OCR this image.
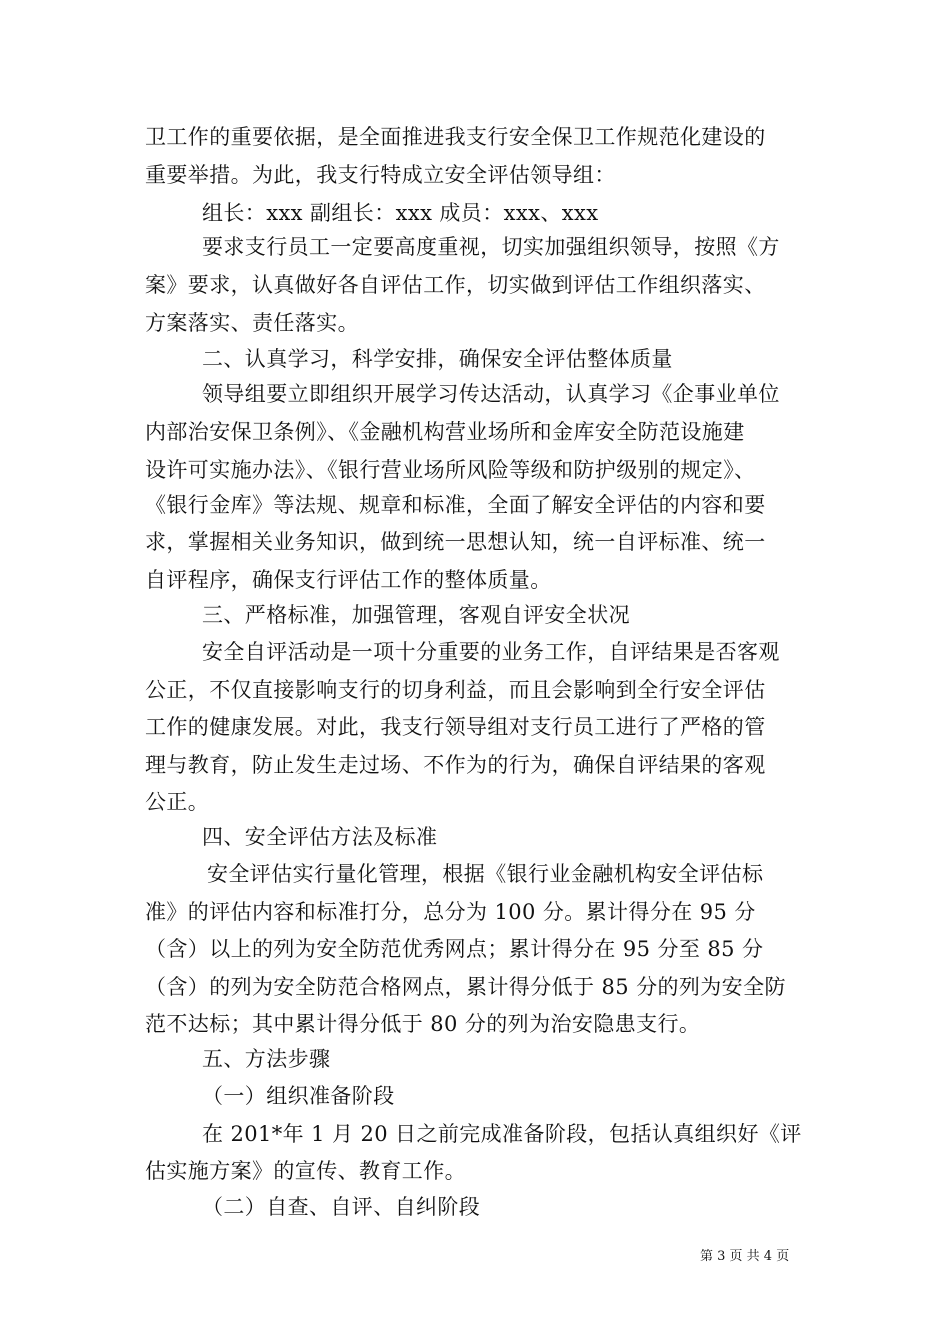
卫工作的重要依据，是全面推进我支行安全保卫工作规范化建设的
重要举措。为此，我支行特成立安全评估领导组：
组长：xxx 副组长：xxx 成员：xxx、xxx
要求支行员工一定要高度重视，切实加强组织领导，按照《方
案》要求，认真做好各自评估工作，切实做到评估工作组织落实、
方案落实、责任落实。
二、认真学习，科学安排，确保安全评估整体质量
领导组要立即组织开展学习传达活动，认真学习《企事业单位
内部治安保卫条例》、《金融机构营业场所和金库安全防范设施建
设许可实施办法》、《银行营业场所风险等级和防护级别的规定》、
《银行金库》等法规、规章和标准，全面了解安全评估的内容和要
求，掌握相关业务知识，做到统一思想认知，统一自评标准、统一
自评程序，确保支行评估工作的整体质量。
三、严格标准，加强管理，客观自评安全状况
安全自评活动是一项十分重要的业务工作，自评结果是否客观
公正，不仅直接影响支行的切身利益，而且会影响到全行安全评估
工作的健康发展。对此，我支行领导组对支行员工进行了严格的管
理与教育，防止发生走过场、不作为的行为，确保自评结果的客观
公正。
四、安全评估方法及标准
安全评估实行量化管理，根据《银行业金融机构安全评估标
准》的评估内容和标准打分，总分为 100 分。累计得分在 95 分
（含）以上的列为安全防范优秀网点；累计得分在 95 分至 85 分
（含）的列为安全防范合格网点，累计得分低于 85 分的列为安全防
范不达标；其中累计得分低于 80 分的列为治安隐患支行。
五、方法步骤
（一）组织准备阶段
在 201*年 1 月 20 日之前完成准备阶段，包括认真组织好《评
估实施方案》的宣传、教育工作。
（二）自查、自评、自纠阶段
第 3 页 共 4 页
